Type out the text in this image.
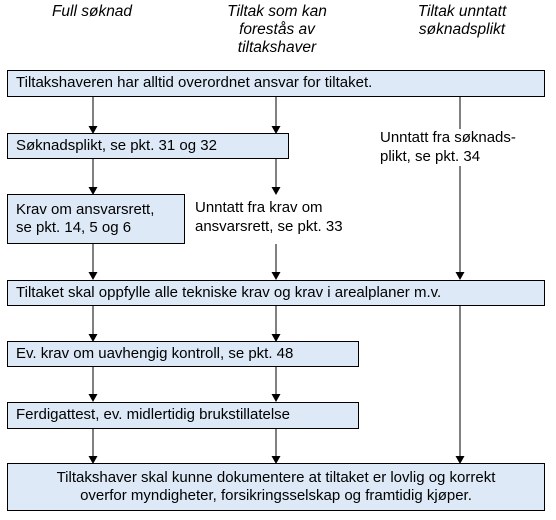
Full søknad	Tiltak som kan
forestås av
tiltakshaver
Tiltak unntatt
søknadsplikt
Tiltakshaveren har alltid overordnet ansvar for tiltaket.
Søknadsplikt, se pkt. 31 og 32	Unntatt fra søknads-
plikt, se pkt. 34
Krav om ansvarsrett,
se pkt. 14, 5 og 6
Unntatt fra krav om
ansvarsrett, se pkt. 33
Tiltaket skal oppfylle alle tekniske krav og krav i arealplaner m.v.
Ev. krav om uavhengig kontroll, se pkt. 48
Ferdigattest, ev. midlertidig brukstillatelse
Tiltakshaver skal kunne dokumentere at tiltaket er lovlig og korrekt
overfor myndigheter, forsikringsselskap og framtidig kjøper.
